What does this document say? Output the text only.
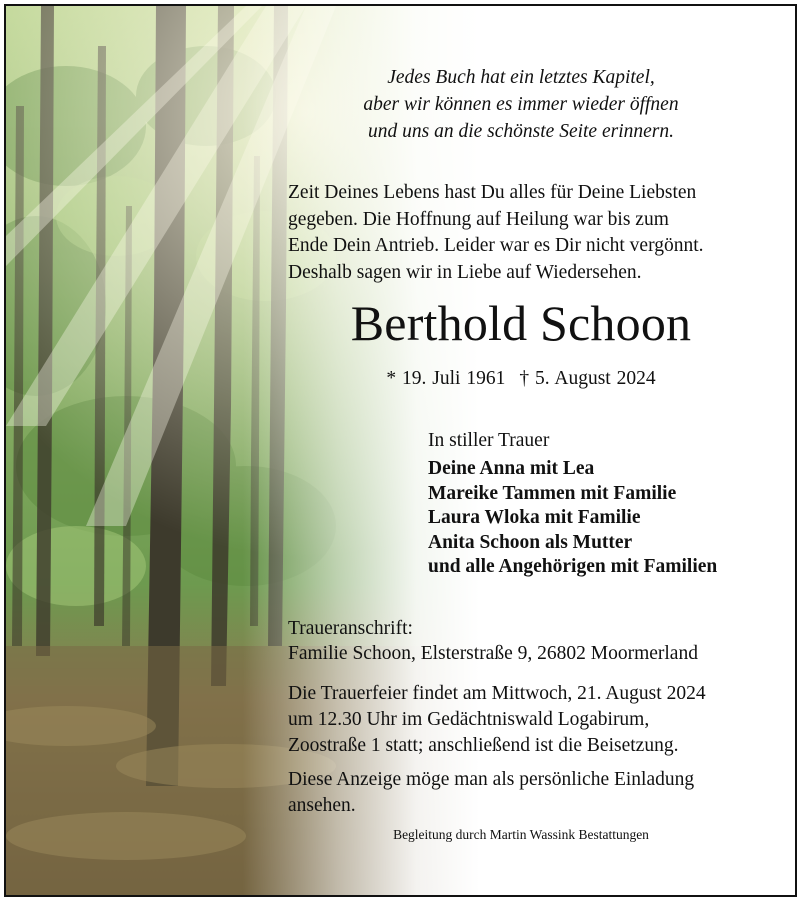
Jedes Buch hat ein letztes Kapitel,
aber wir können es immer wieder öffnen
und uns an die schönste Seite erinnern.
Zeit Deines Lebens hast Du alles für Deine Liebsten
gegeben. Die Hoffnung auf Heilung war bis zum
Ende Dein Antrieb. Leider war es Dir nicht vergönnt.
Deshalb sagen wir in Liebe auf Wiedersehen.
Berthold Schoon
* 19. Juli 1961 † 5. August 2024
In stiller Trauer
Deine Anna mit Lea
Mareike Tammen mit Familie
Laura Wloka mit Familie
Anita Schoon als Mutter
und alle Angehörigen mit Familien
Traueranschrift:
Familie Schoon, Elsterstraße 9, 26802 Moormerland
Die Trauerfeier findet am Mittwoch, 21. August 2024
um 12.30 Uhr im Gedächtniswald Logabirum,
Zoostraße 1 statt; anschließend ist die Beisetzung.
Diese Anzeige möge man als persönliche Einladung
ansehen.
Begleitung durch Martin Wassink Bestattungen
